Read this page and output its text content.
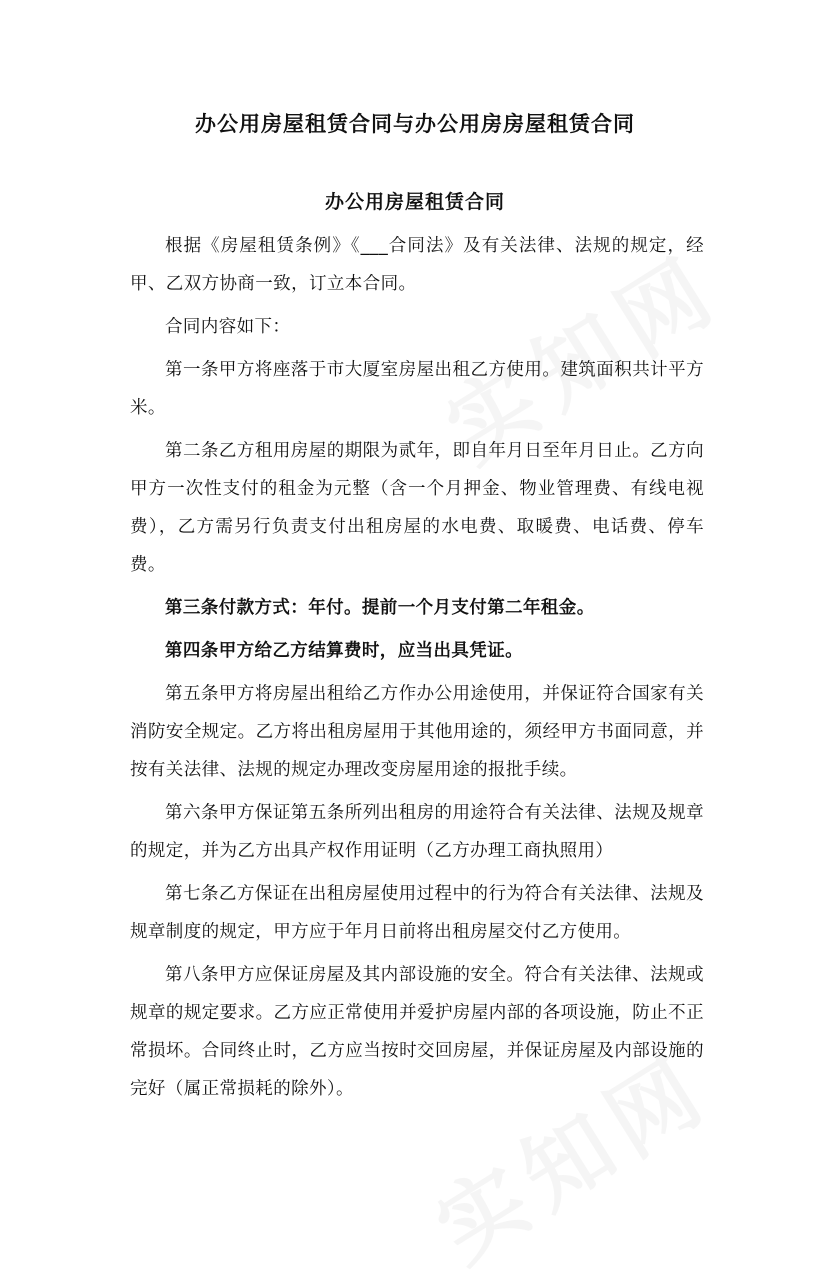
办公用房屋租赁合同与办公用房房屋租赁合同
办公用房屋租赁合同

根据《房屋租赁条例》《___合同法》及有关法律、法规的规定，经甲、乙双方协商一致，订立本合同。

合同内容如下：

第一条甲方将座落于市大厦室房屋出租乙方使用。建筑面积共计平方米。

第二条乙方租用房屋的期限为贰年，即自年月日至年月日止。乙方向甲方一次性支付的租金为元整（含一个月押金、物业管理费、有线电视费），乙方需另行负责支付出租房屋的水电费、取暖费、电话费、停车费。

第三条付款方式：年付。提前一个月支付第二年租金。

第四条甲方给乙方结算费时，应当出具凭证。

第五条甲方将房屋出租给乙方作办公用途使用，并保证符合国家有关消防安全规定。乙方将出租房屋用于其他用途的，须经甲方书面同意，并按有关法律、法规的规定办理改变房屋用途的报批手续。

第六条甲方保证第五条所列出租房的用途符合有关法律、法规及规章的规定，并为乙方出具产权作用证明（乙方办理工商执照用）

第七条乙方保证在出租房屋使用过程中的行为符合有关法律、法规及规章制度的规定，甲方应于年月日前将出租房屋交付乙方使用。

第八条甲方应保证房屋及其内部设施的安全。符合有关法律、法规或规章的规定要求。乙方应正常使用并爱护房屋内部的各项设施，防止不正常损坏。合同终止时，乙方应当按时交回房屋，并保证房屋及内部设施的完好（属正常损耗的除外）。
